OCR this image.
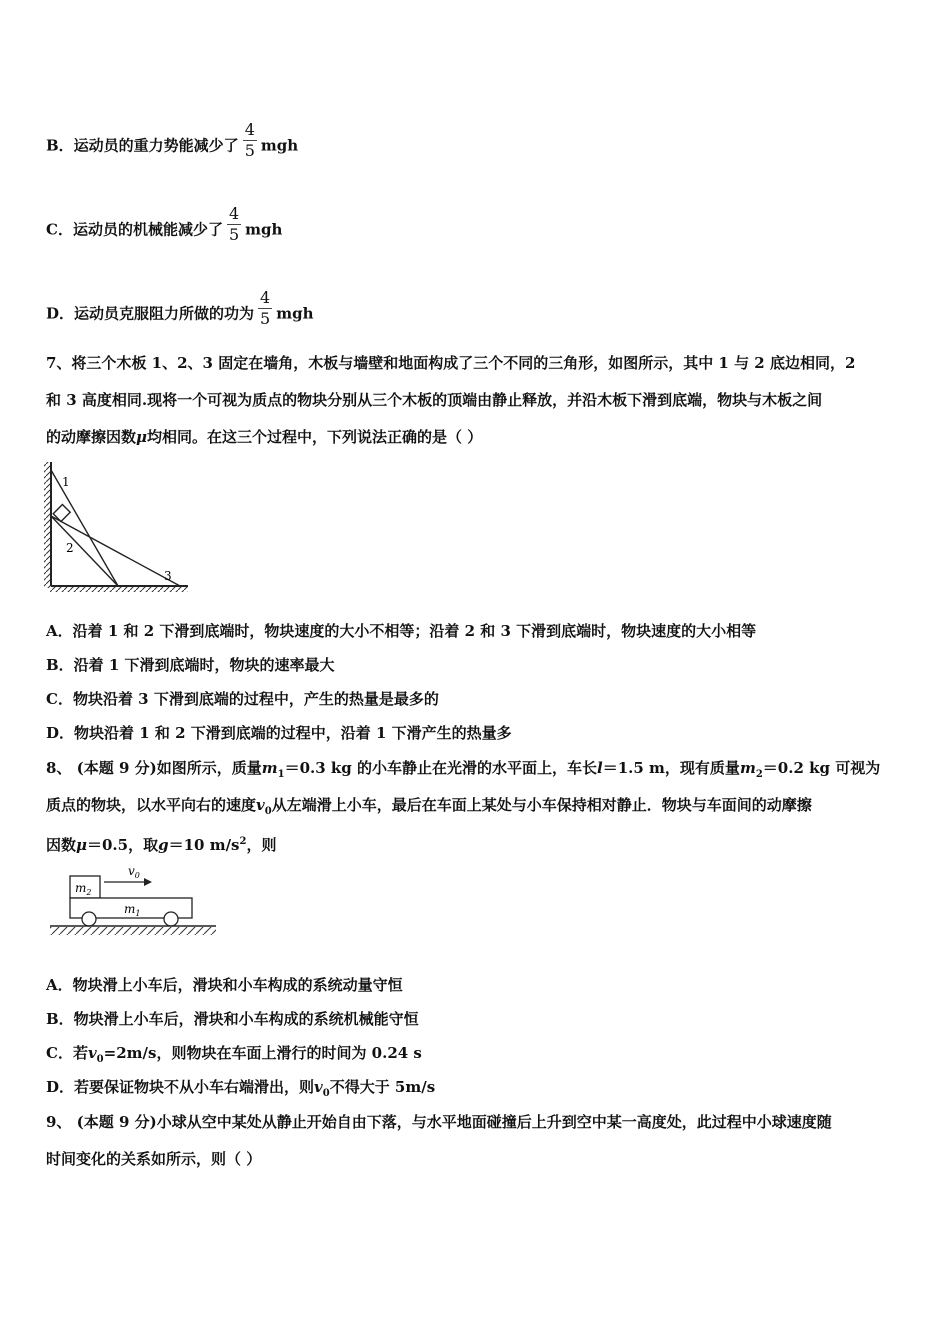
B．运动员的重力势能减少了 $\frac{4}{5}$ mgh
C．运动员的机械能减少了 $\frac{4}{5}$ mgh
D．运动员克服阻力所做的功为 $\frac{4}{5}$ mgh
7、将三个木板 1、2、3 固定在墙角，木板与墙壁和地面构成了三个不同的三角形，如图所示，其中 1 与 2 底边相同，2
和 3 高度相同.现将一个可视为质点的物块分别从三个木板的顶端由静止释放，并沿木板下滑到底端，物块与木板之间
的动摩擦因数μ均相同。在这三个过程中，下列说法正确的是（ ）
1
2
3
A．沿着 1 和 2 下滑到底端时，物块速度的大小不相等；沿着 2 和 3 下滑到底端时，物块速度的大小相等
B．沿着 1 下滑到底端时，物块的速率最大
C．物块沿着 3 下滑到底端的过程中，产生的热量是最多的
D．物块沿着 1 和 2 下滑到底端的过程中，沿着 1 下滑产生的热量多
8、 (本题 9 分)如图所示，质量$m_1=0.3$ kg 的小车静止在光滑的水平面上，车长l＝1.5 m，现有质量$m_2=0.2$ kg 可视为
质点的物块，以水平向右的速度$v_0$从左端滑上小车，最后在车面上某处与小车保持相对静止．物块与车面间的动摩擦
因数μ＝0.5，取g＝10 $m/s^2$，则
$m_2$
$v_0$
$m_1$
A．物块滑上小车后，滑块和小车构成的系统动量守恒
B．物块滑上小车后，滑块和小车构成的系统机械能守恒
C．若$v_0=2m/s$，则物块在车面上滑行的时间为 0.24 s
D．若要保证物块不从小车右端滑出，则$v_0$不得大于 5m/s
9、 (本题 9 分)小球从空中某处从静止开始自由下落，与水平地面碰撞后上升到空中某一高度处，此过程中小球速度随
时间变化的关系如所示，则（ ）
